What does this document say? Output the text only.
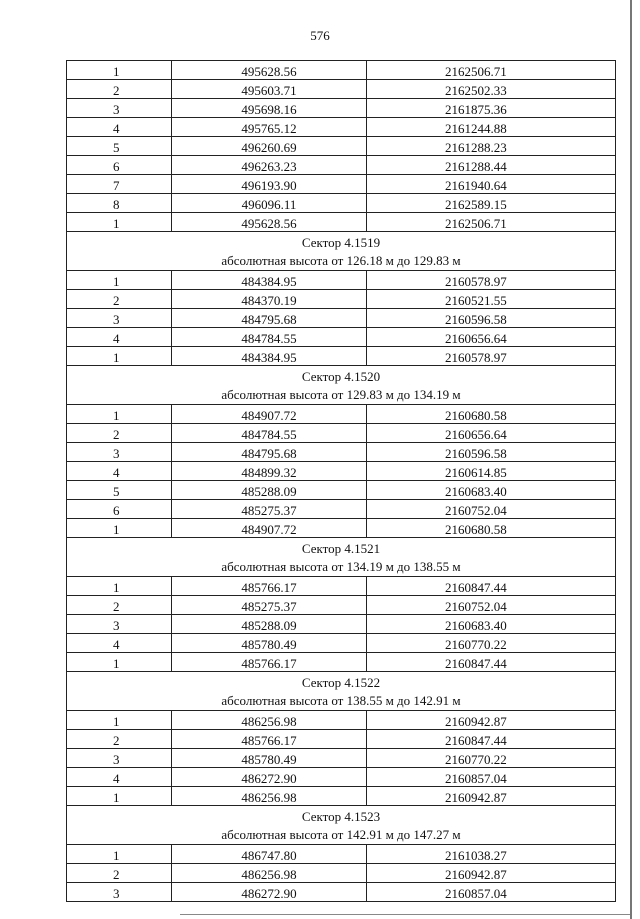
576
1	495628.56	2162506.71
2	495603.71	2162502.33
3	495698.16	2161875.36
4	495765.12	2161244.88
5	496260.69	2161288.23
6	496263.23	2161288.44
7	496193.90	2161940.64
8	496096.11	2162589.15
1	495628.56	2162506.71

Сектор 4.1519
абсолютная высота от 126.18 м до 129.83 м		

1	484384.95	2160578.97
2	484370.19	2160521.55
3	484795.68	2160596.58
4	484784.55	2160656.64
1	484384.95	2160578.97

Сектор 4.1520
абсолютная высота от 129.83 м до 134.19 м		

1	484907.72	2160680.58
2	484784.55	2160656.64
3	484795.68	2160596.58
4	484899.32	2160614.85
5	485288.09	2160683.40
6	485275.37	2160752.04
1	484907.72	2160680.58

Сектор 4.1521
абсолютная высота от 134.19 м до 138.55 м		

1	485766.17	2160847.44
2	485275.37	2160752.04
3	485288.09	2160683.40
4	485780.49	2160770.22
1	485766.17	2160847.44

Сектор 4.1522
абсолютная высота от 138.55 м до 142.91 м		

1	486256.98	2160942.87
2	485766.17	2160847.44
3	485780.49	2160770.22
4	486272.90	2160857.04
1	486256.98	2160942.87

Сектор 4.1523
абсолютная высота от 142.91 м до 147.27 м		

1	486747.80	2161038.27
2	486256.98	2160942.87
3	486272.90	2160857.04
